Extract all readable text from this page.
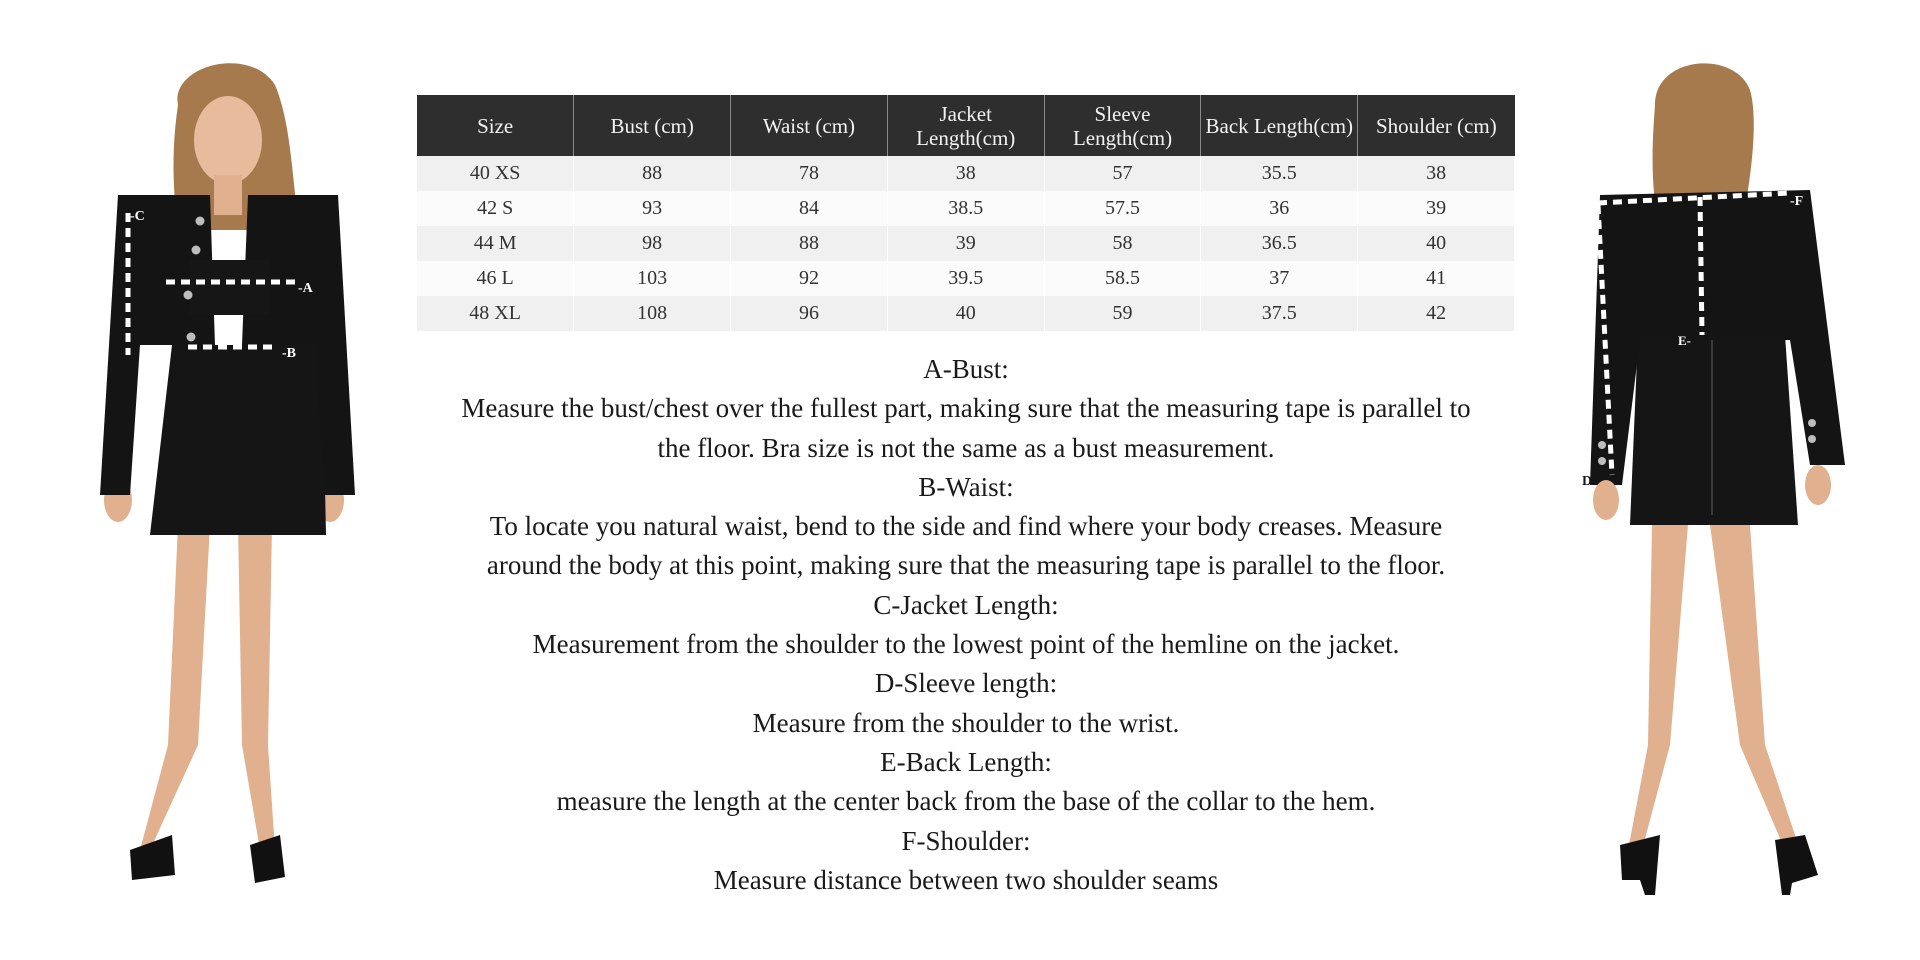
-A
-B
-C
Size	Bust (cm)	Waist (cm)	Jacket Length(cm)	Sleeve Length(cm)	Back Length(cm)	Shoulder (cm)
40 XS	88	78	38	57	35.5	38
42 S	93	84	38.5	57.5	36	39
44 M	98	88	39	58	36.5	40
46 L	103	92	39.5	58.5	37	41
48 XL	108	96	40	59	37.5	42

A-Bust:

Measure the bust/chest over the fullest part, making sure that the measuring tape is parallel to

the floor. Bra size is not the same as a bust measurement.

B-Waist:

To locate you natural waist, bend to the side and find where your body creases. Measure

around the body at this point, making sure that the measuring tape is parallel to the floor.

C-Jacket Length:

Measurement from the shoulder to the lowest point of the hemline on the jacket.

D-Sleeve length:

Measure from the shoulder to the wrist.

E-Back Length:

measure the length at the center back from the base of the collar to the hem.

F-Shoulder:

Measure distance between two shoulder seams

D-
E-
-F
